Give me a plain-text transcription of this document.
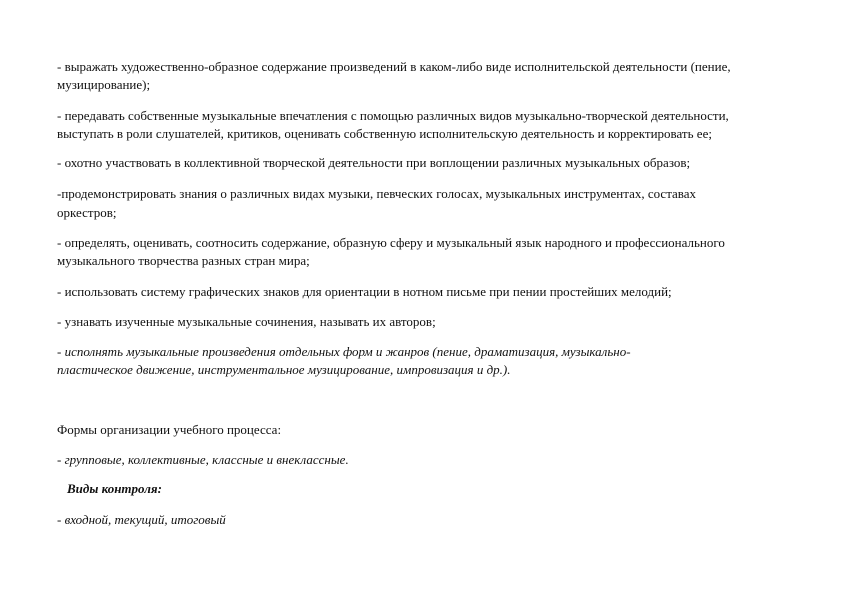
- выражать художественно-образное содержание произведений в каком-либо виде исполнительской деятельности (пение,
музицирование);
- передавать собственные музыкальные впечатления с помощью различных видов музыкально-творческой деятельности,
выступать в роли слушателей, критиков, оценивать собственную исполнительскую деятельность и корректировать ее;
- охотно участвовать в коллективной творческой деятельности при воплощении различных музыкальных образов;
-продемонстрировать знания о различных видах музыки, певческих голосах, музыкальных инструментах, составах
оркестров;
- определять, оценивать, соотносить содержание, образную сферу и музыкальный язык народного и профессионального
музыкального творчества разных стран мира;
- использовать систему графических знаков для ориентации в нотном письме при пении простейших мелодий;
- узнавать изученные музыкальные сочинения, называть их авторов;
- исполнять музыкальные произведения отдельных форм и жанров (пение, драматизация, музыкально-
пластическое движение, инструментальное музицирование, импровизация и др.).
Формы организации учебного процесса:
- групповые, коллективные, классные и внеклассные.
Виды контроля:
- входной, текущий, итоговый
